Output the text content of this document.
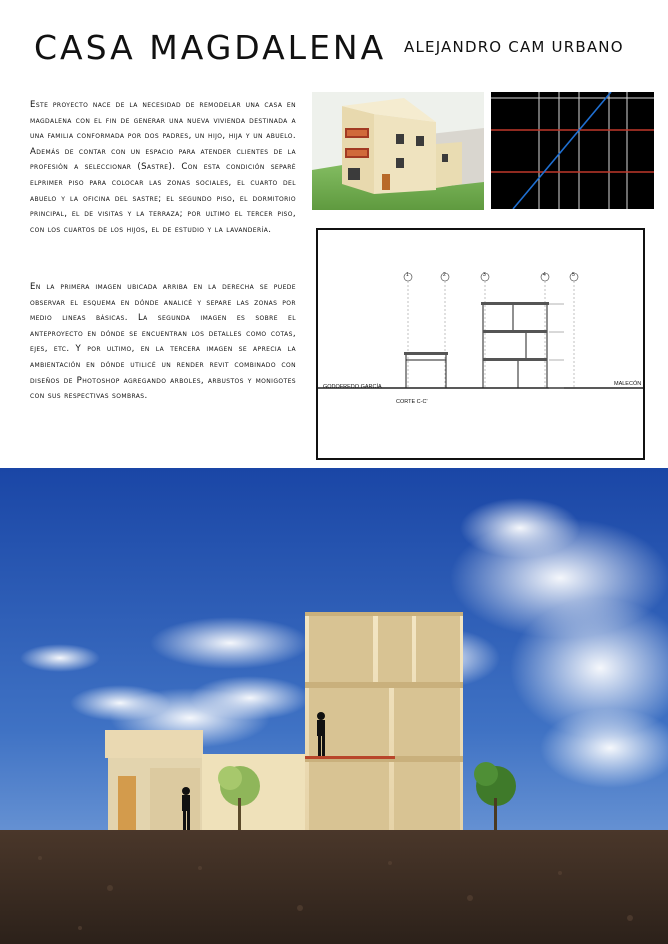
CASA MAGDALENA ALEJANDRO CAM URBANO
Este proyecto nace de la necesidad de remodelar una casa en magdalena con el fin de generar una nueva vivienda destinada a una familia conformada por dos padres, un hijo, hija y un abuelo. Además de contar con un espacio para atender clientes de la profesión a seleccionar (Sastre). Con esta condición separé elprimer piso para colocar las zonas sociales, el cuarto del abuelo y la oficina del sastre; el segundo piso, el dormitorio principal, el de visitas y la terraza; por ultimo el tercer piso, con los cuartos de los hijos, el de estudio y la lavandería.
En la primera imagen ubicada arriba en la derecha se puede observar el esquema en dónde analicé y separe las zonas por medio lineas básicas. La segunda imagen es sobre el anteproyecto en dónde se encuentran los detalles como cotas, ejes, etc. Y por ultimo, en la tercera imagen se aprecia la ambientación en dónde utilicé un render revit combinado con diseños de Photoshop agregando arboles, arbustos y monigotes con sus respectivas sombras.
1	2	3	4	5
GODOFREDO GARCÍA	MALECÓN
CORTE C-C'
